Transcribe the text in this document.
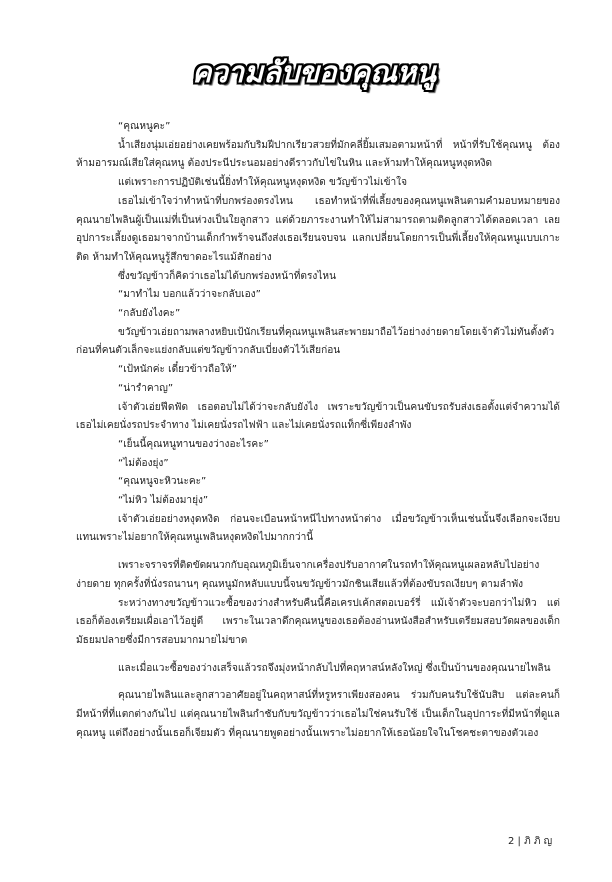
ความลับของคุณหนู

“คุณหนูคะ”

น้ำเสียงนุ่มเอ่ยอย่างเคยพร้อมกับริมฝีปากเรียวสวยที่มักคลี่ยิ้มเสมอตามหน้าที่ หน้าที่รับใช้คุณหนู ต้องห้ามอารมณ์เสียใส่คุณหนู ต้องประนีประนอมอย่างดีราวกับไข่ในหิน และห้ามทำให้คุณหนูหงุดหงิด

แต่เพราะการปฏิบัติเช่นนี้ยิ่งทำให้คุณหนูหงุดหงิด ขวัญข้าวไม่เข้าใจ

เธอไม่เข้าใจว่าทำหน้าที่บกพร่องตรงไหน เธอทำหน้าที่พี่เลี้ยงของคุณหนูเพลินตามคำมอบหมายของคุณนายไพลินผู้เป็นแม่ที่เป็นห่วงเป็นใยลูกสาว แต่ด้วยภาระงานทำให้ไม่สามารถตามติดลูกสาวได้ตลอดเวลา เลยอุปการะเลี้ยงดูเธอมาจากบ้านเด็กกำพร้าจนถึงส่งเธอเรียนจบจน แลกเปลี่ยนโดยการเป็นพี่เลี้ยงให้คุณหนูแบบเกาะติด ห้ามทำให้คุณหนูรู้สึกขาดอะไรแม้สักอย่าง

ซึ่งขวัญข้าวก็คิดว่าเธอไม่ได้บกพร่องหน้าที่ตรงไหน

“มาทำไม บอกแล้วว่าจะกลับเอง”

“กลับยังไงคะ”

ขวัญข้าวเอ่ยถามพลางหยิบเป้นักเรียนที่คุณหนูเพลินสะพายมาถือไว้อย่างง่ายดายโดยเจ้าตัวไม่ทันตั้งตัว ก่อนที่คนตัวเล็กจะแย่งกลับแต่ขวัญข้าวกลับเบี่ยงตัวไว้เสียก่อน

“เป้หนักค่ะ เดี๋ยวข้าวถือให้”

“น่ารำคาญ”

เจ้าตัวเอ่ยฟึดฟัด เธอตอบไม่ได้ว่าจะกลับยังไง เพราะขวัญข้าวเป็นคนขับรถรับส่งเธอตั้งแต่จำความได้ เธอไม่เคยนั่งรถประจำทาง ไม่เคยนั่งรถไฟฟ้า และไม่เคยนั่งรถแท็กซี่เพียงลำพัง

“เย็นนี้คุณหนูทานของว่างอะไรคะ”

“ไม่ต้องยุ่ง”

“คุณหนูจะหิวนะคะ”

“ไม่หิว ไม่ต้องมายุ่ง”

เจ้าตัวเอ่ยอย่างหงุดหงิด ก่อนจะเบือนหน้าหนีไปทางหน้าต่าง เมื่อขวัญข้าวเห็นเช่นนั้นจึงเลือกจะเงียบแทนเพราะไม่อยากให้คุณหนูเพลินหงุดหงิดไปมากกว่านี้

เพราะจราจรที่ติดขัดผนวกกับอุณหภูมิเย็นจากเครื่องปรับอากาศในรถทำให้คุณหนูเผลอหลับไปอย่างง่ายดาย ทุกครั้งที่นั่งรถนานๆ คุณหนูมักหลับแบบนี้จนขวัญข้าวมักชินเสียแล้วที่ต้องขับรถเงียบๆ ตามลำพัง

ระหว่างทางขวัญข้าวแวะซื้อของว่างสำหรับคืนนี้คือเครปเค้กสตอเบอร์รี่ แม้เจ้าตัวจะบอกว่าไม่หิว แต่เธอก็ต้องเตรียมเผื่อเอาไว้อยู่ดี เพราะในเวลาดึกคุณหนูของเธอต้องอ่านหนังสือสำหรับเตรียมสอบวัดผลของเด็กมัธยมปลายซึ่งมีการสอบมากมายไม่ขาด

และเมื่อแวะซื้อของว่างเสร็จแล้วรถจึงมุ่งหน้ากลับไปที่คฤหาสน์หลังใหญ่ ซึ่งเป็นบ้านของคุณนายไพลิน

คุณนายไพลินและลูกสาวอาศัยอยู่ในคฤหาสน์ที่หรูหราเพียงสองคน ร่วมกับคนรับใช้นับสิบ แต่ละคนก็มีหน้าที่ที่แตกต่างกันไป แต่คุณนายไพลินกำชับกับขวัญข้าวว่าเธอไม่ใช่คนรับใช้ เป็นเด็กในอุปการะที่มีหน้าที่ดูแลคุณหนู แต่ถึงอย่างนั้นเธอก็เจียมตัว ที่คุณนายพูดอย่างนั้นเพราะไม่อยากให้เธอน้อยใจในโชคชะตาของตัวเอง

2 | ภิ ภิ ญ
